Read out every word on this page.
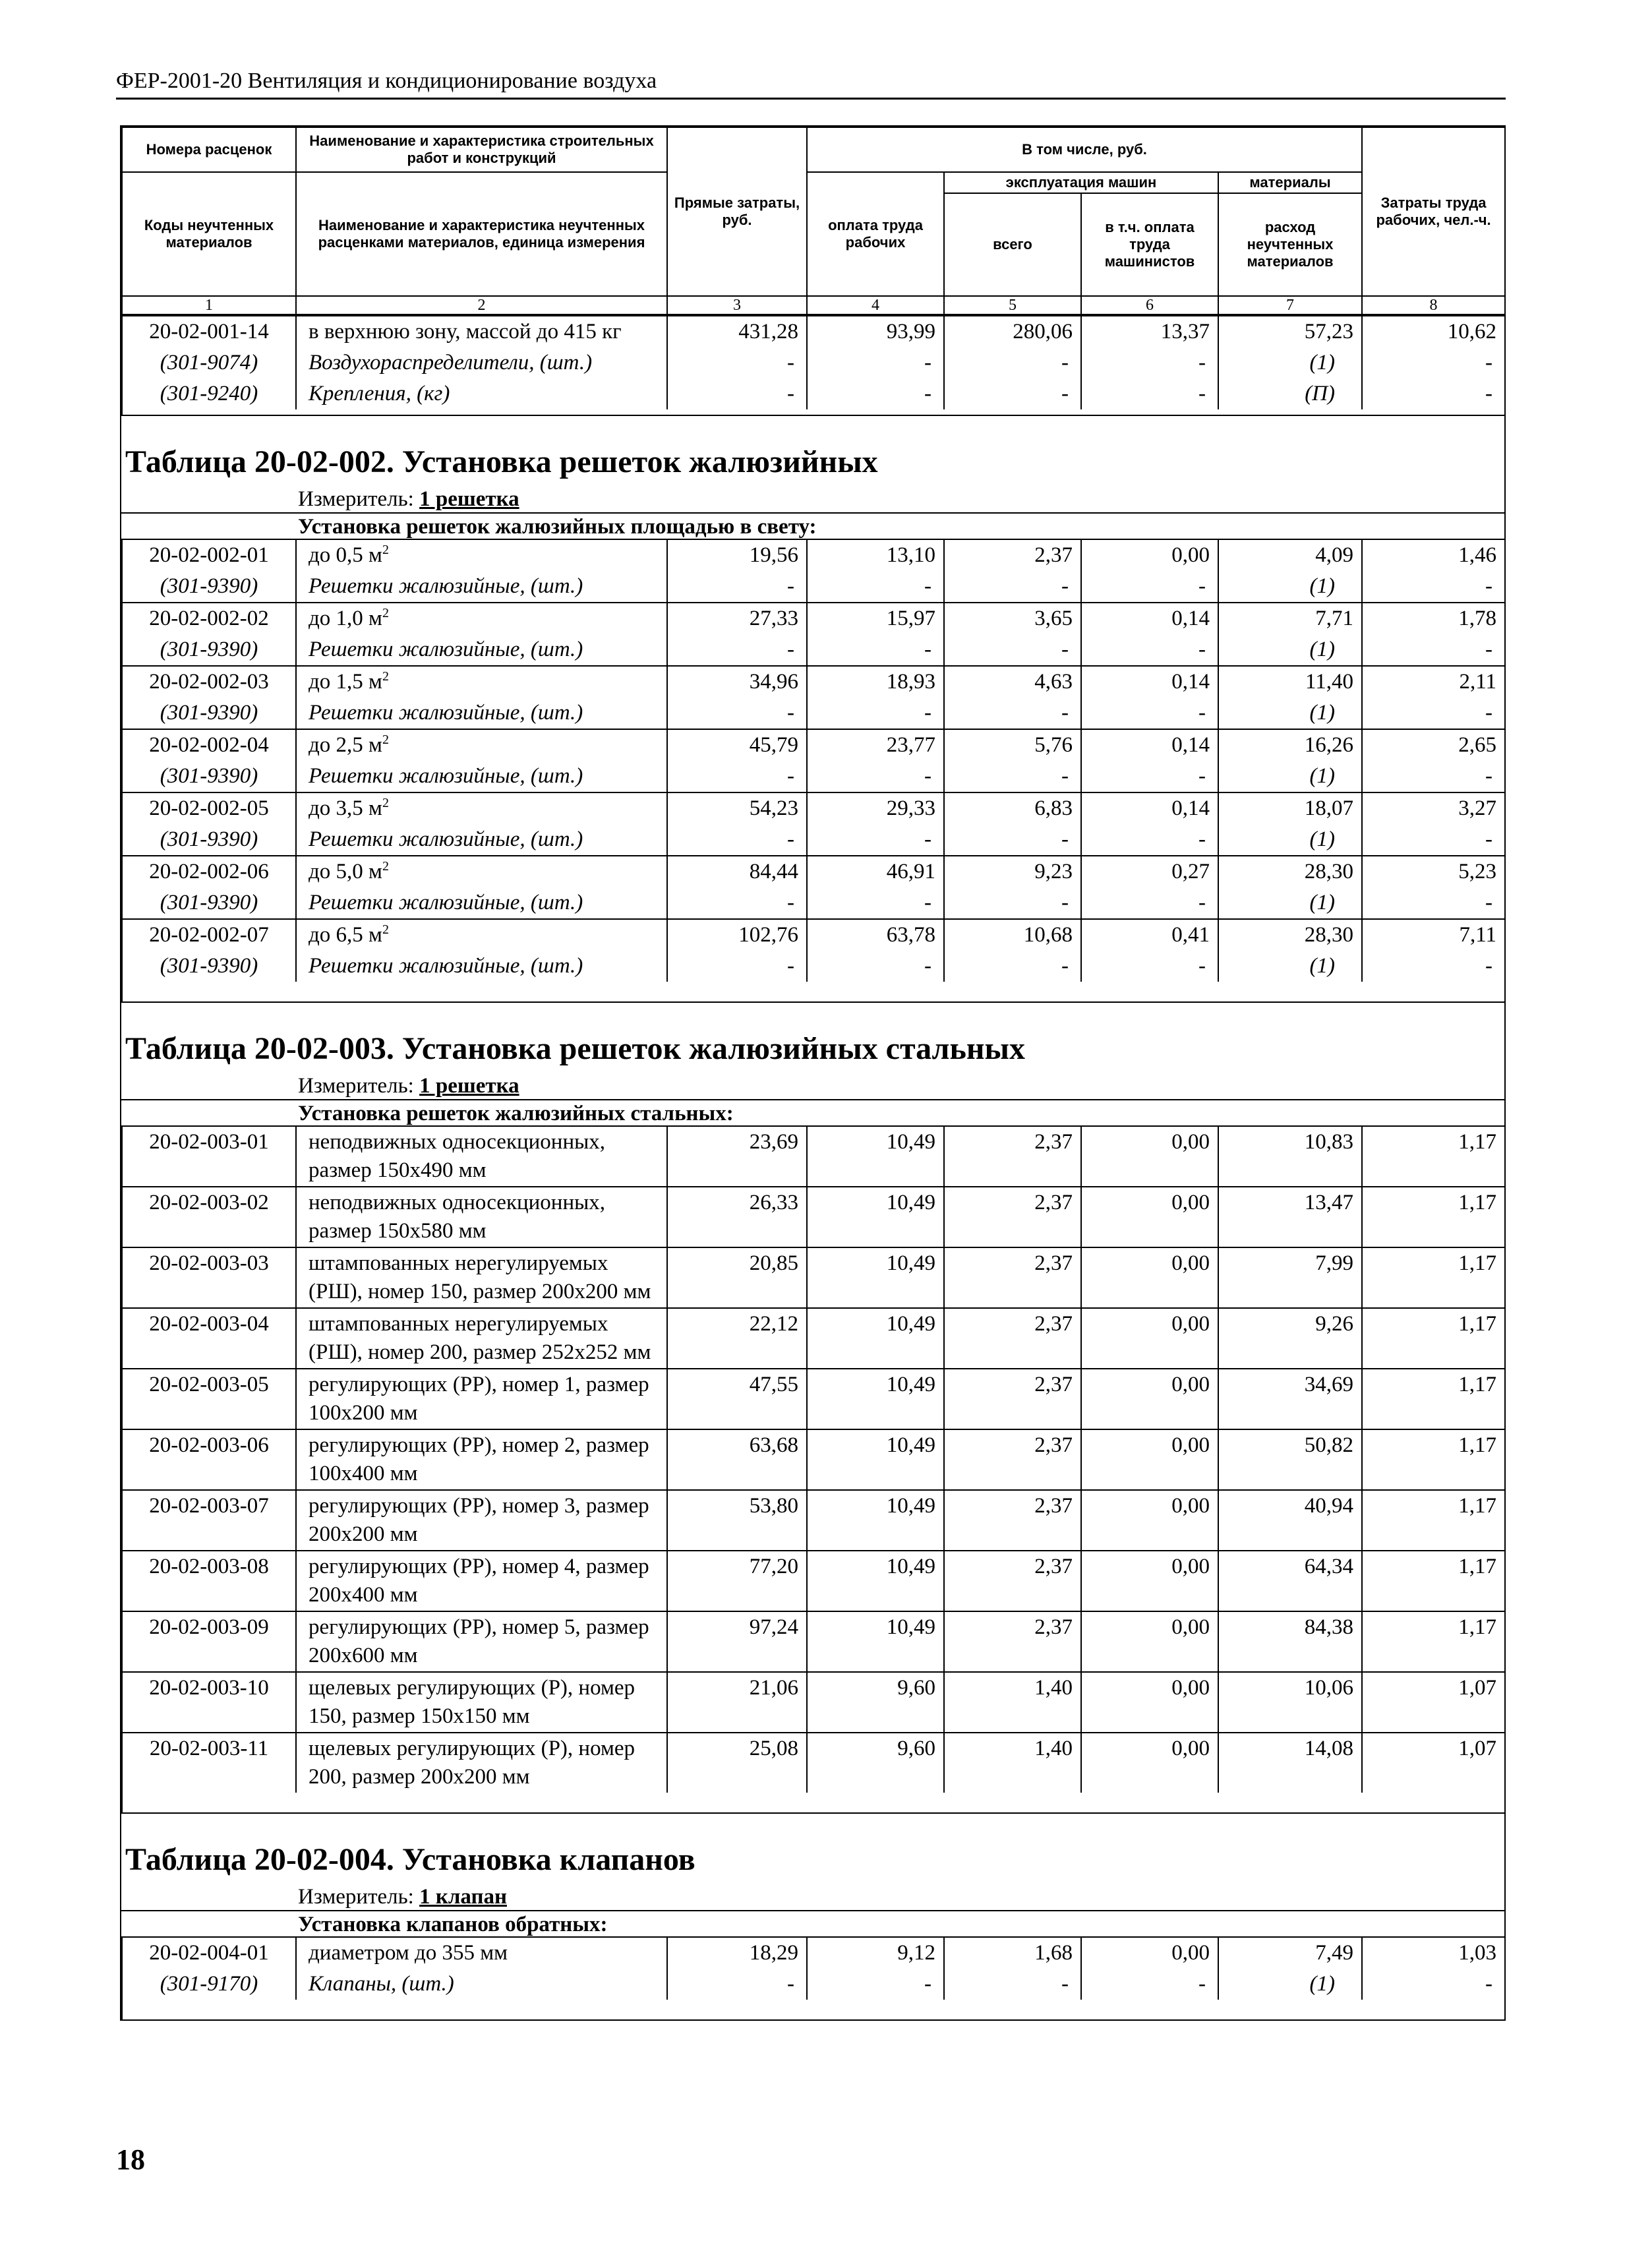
ФЕР-2001-20 Вентиляция и кондиционирование воздуха
Номера расценок	Наименование и характеристика строительных работ и конструкций	Прямые затраты, руб.	В том числе, руб.				Затраты труда рабочих, чел.-ч.
Коды неучтенных материалов	Наименование и характеристика неучтенных расценками материалов, единица измерения		оплата труда рабочих	эксплуатация машин		материалы	
				всего	в т.ч. оплата труда машинистов	расход неучтенных материалов	

1	2	3	4	5	6	7	8
20-02-001-14	в верхнюю зону, массой до 415 кг	431,28	93,99	280,06	13,37	57,23	10,62
(301-9074)	Воздухораспределители, (шт.)	-	-	-	-	(1)	-
(301-9240)	Крепления, (кг)	-	-	-	-	(П)	-

Таблица 20-02-002. Установка решеток жалюзийных
Измеритель: 1 решетка
Установка решеток жалюзийных площадью в свету:
20-02-002-01	до 0,5 $м^2$	19,56	13,10	2,37	0,00	4,09	1,46
(301-9390)	Решетки жалюзийные, (шт.)	-	-	-	-	(1)	-
20-02-002-02	до 1,0 $м^2$	27,33	15,97	3,65	0,14	7,71	1,78
(301-9390)	Решетки жалюзийные, (шт.)	-	-	-	-	(1)	-
20-02-002-03	до 1,5 $м^2$	34,96	18,93	4,63	0,14	11,40	2,11
(301-9390)	Решетки жалюзийные, (шт.)	-	-	-	-	(1)	-
20-02-002-04	до 2,5 $м^2$	45,79	23,77	5,76	0,14	16,26	2,65
(301-9390)	Решетки жалюзийные, (шт.)	-	-	-	-	(1)	-
20-02-002-05	до 3,5 $м^2$	54,23	29,33	6,83	0,14	18,07	3,27
(301-9390)	Решетки жалюзийные, (шт.)	-	-	-	-	(1)	-
20-02-002-06	до 5,0 $м^2$	84,44	46,91	9,23	0,27	28,30	5,23
(301-9390)	Решетки жалюзийные, (шт.)	-	-	-	-	(1)	-
20-02-002-07	до 6,5 $м^2$	102,76	63,78	10,68	0,41	28,30	7,11
(301-9390)	Решетки жалюзийные, (шт.)	-	-	-	-	(1)	-

Таблица 20-02-003. Установка решеток жалюзийных стальных
Измеритель: 1 решетка
Установка решеток жалюзийных стальных:
20-02-003-01	неподвижных односекционных, размер 150x490 мм	23,69	10,49	2,37	0,00	10,83	1,17
20-02-003-02	неподвижных односекционных, размер 150x580 мм	26,33	10,49	2,37	0,00	13,47	1,17
20-02-003-03	штампованных нерегулируемых (РШ), номер 150, размер 200x200 мм	20,85	10,49	2,37	0,00	7,99	1,17
20-02-003-04	штампованных нерегулируемых (РШ), номер 200, размер 252x252 мм	22,12	10,49	2,37	0,00	9,26	1,17
20-02-003-05	регулирующих (РР), номер 1, размер 100x200 мм	47,55	10,49	2,37	0,00	34,69	1,17
20-02-003-06	регулирующих (РР), номер 2, размер 100x400 мм	63,68	10,49	2,37	0,00	50,82	1,17
20-02-003-07	регулирующих (РР), номер 3, размер 200x200 мм	53,80	10,49	2,37	0,00	40,94	1,17
20-02-003-08	регулирующих (РР), номер 4, размер 200x400 мм	77,20	10,49	2,37	0,00	64,34	1,17
20-02-003-09	регулирующих (РР), номер 5, размер 200x600 мм	97,24	10,49	2,37	0,00	84,38	1,17
20-02-003-10	щелевых регулирующих (Р), номер 150, размер 150x150 мм	21,06	9,60	1,40	0,00	10,06	1,07
20-02-003-11	щелевых регулирующих (Р), номер 200, размер 200x200 мм	25,08	9,60	1,40	0,00	14,08	1,07

Таблица 20-02-004. Установка клапанов
Измеритель: 1 клапан
Установка клапанов обратных:
20-02-004-01	диаметром до 355 мм	18,29	9,12	1,68	0,00	7,49	1,03
(301-9170)	Клапаны, (шт.)	-	-	-	-	(1)	-

18
